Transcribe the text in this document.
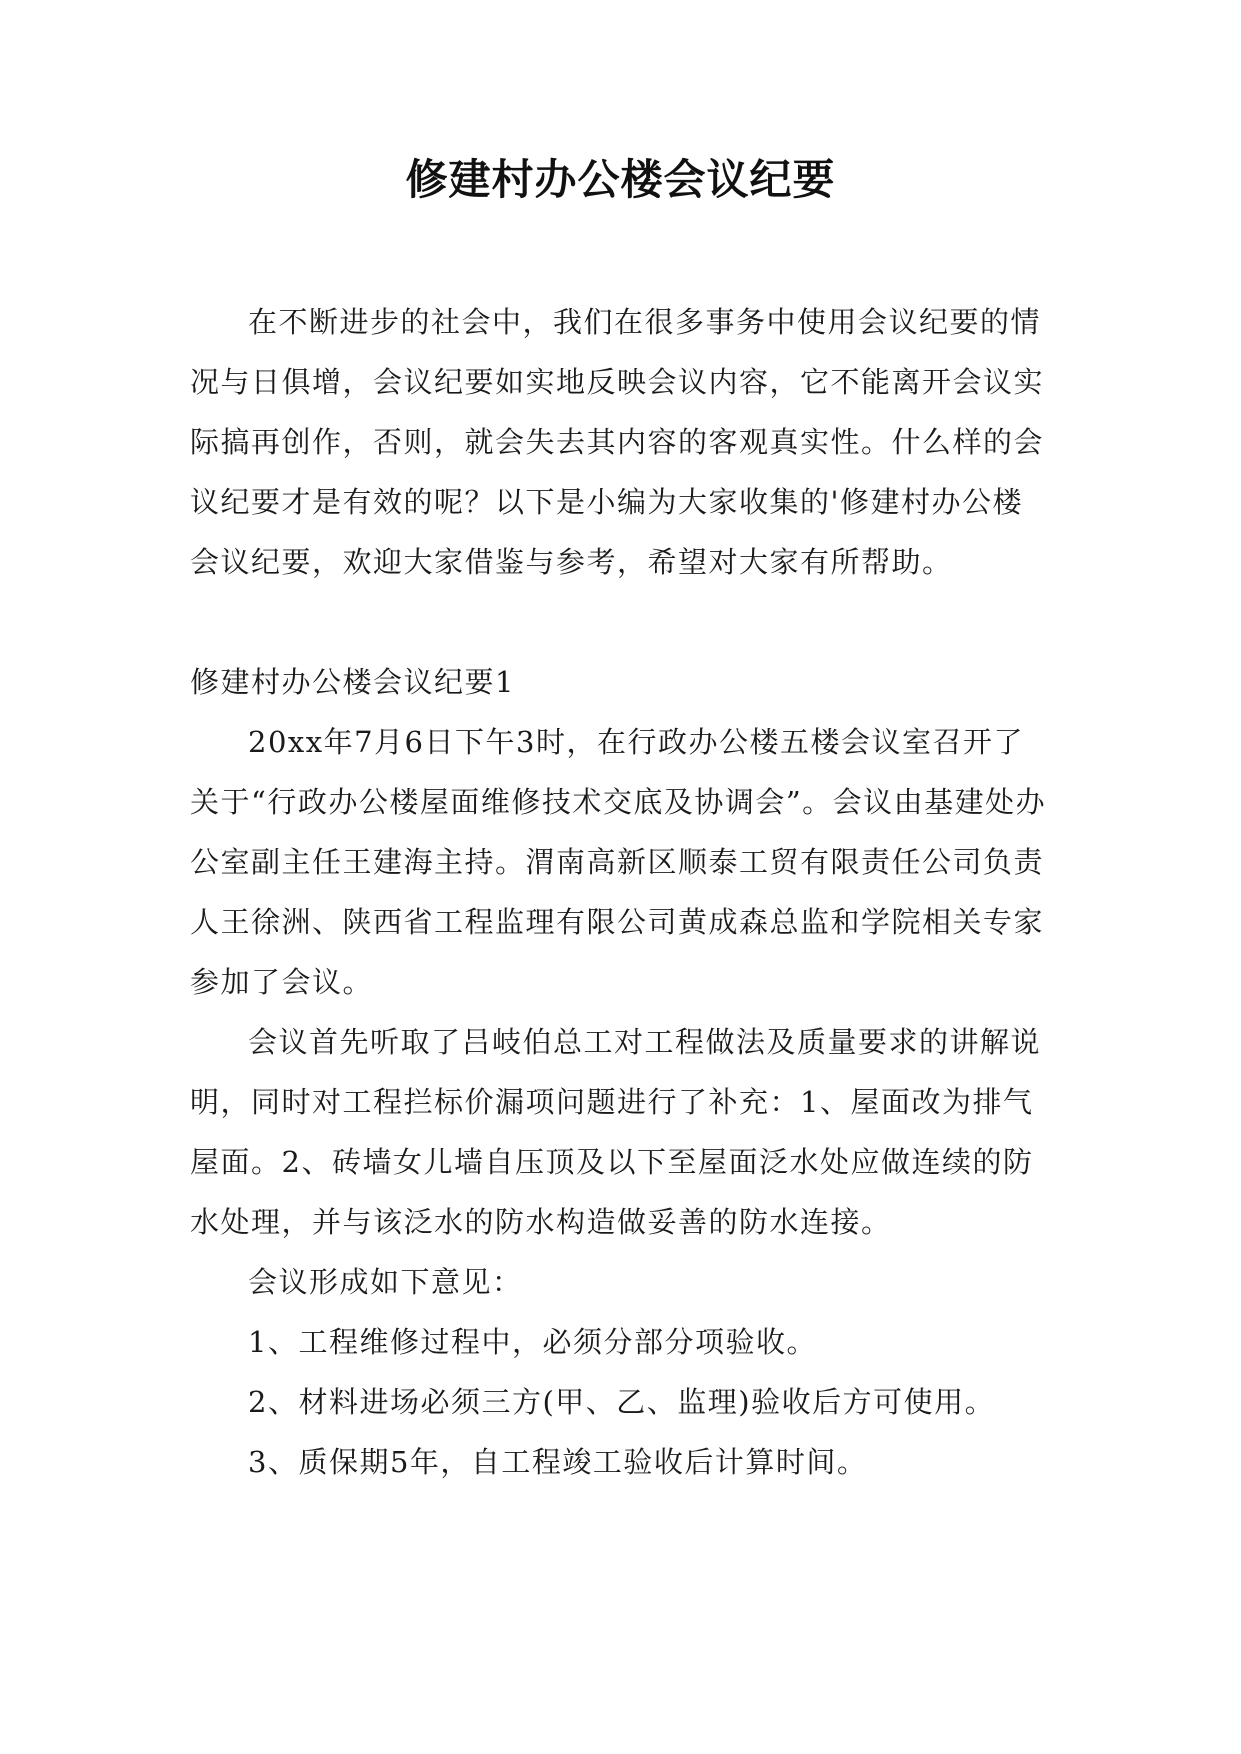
修建村办公楼会议纪要

在不断进步的社会中，我们在很多事务中使用会议纪要的情况与日俱增，会议纪要如实地反映会议内容，它不能离开会议实际搞再创作，否则，就会失去其内容的客观真实性。什么样的会议纪要才是有效的呢？以下是小编为大家收集的'修建村办公楼会议纪要，欢迎大家借鉴与参考，希望对大家有所帮助。

修建村办公楼会议纪要1

20xx年7月6日下午3时，在行政办公楼五楼会议室召开了关于“行政办公楼屋面维修技术交底及协调会”。会议由基建处办公室副主任王建海主持。渭南高新区顺泰工贸有限责任公司负责人王徐洲、陕西省工程监理有限公司黄成森总监和学院相关专家参加了会议。

会议首先听取了吕岐伯总工对工程做法及质量要求的讲解说明，同时对工程拦标价漏项问题进行了补充：1、屋面改为排气屋面。2、砖墙女儿墙自压顶及以下至屋面泛水处应做连续的防水处理，并与该泛水的防水构造做妥善的防水连接。

会议形成如下意见：

1、工程维修过程中，必须分部分项验收。

2、材料进场必须三方(甲、乙、监理)验收后方可使用。

3、质保期5年，自工程竣工验收后计算时间。
